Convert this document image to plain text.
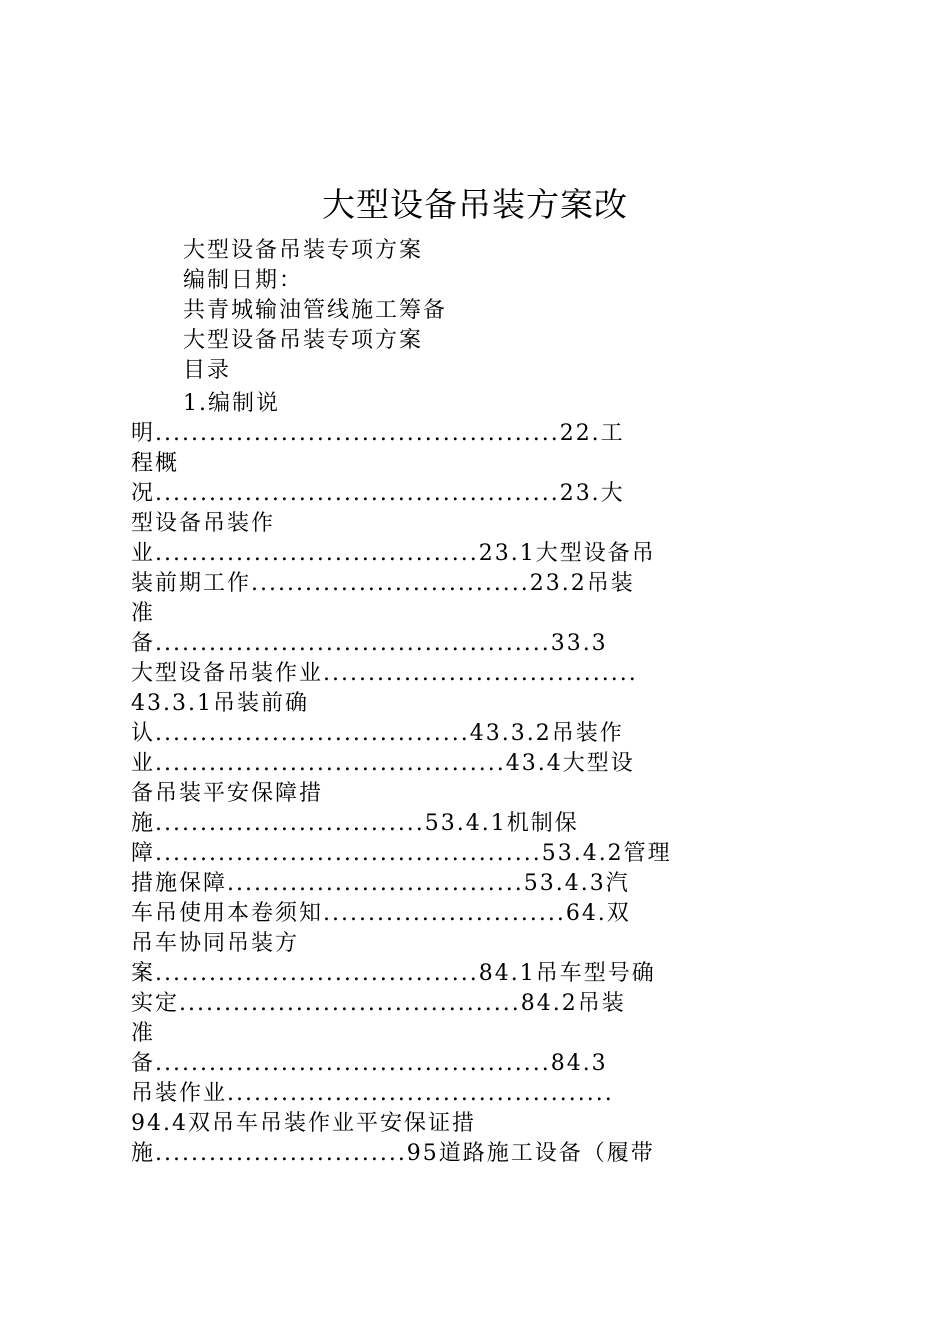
大型设备吊装方案改
大型设备吊装专项方案
编制日期：
共青城输油管线施工筹备
大型设备吊装专项方案
目录
1.编制说
明.............................................22.工
程概
况.............................................23.大
型设备吊装作
业....................................23.1大型设备吊
装前期工作...............................23.2吊装
准
备............................................33.3
大型设备吊装作业...................................
43.3.1吊装前确
认...................................43.3.2吊装作
业.......................................43.4大型设
备吊装平安保障措
施..............................53.4.1机制保
障...........................................53.4.2管理
措施保障.................................53.4.3汽
车吊使用本卷须知...........................64.双
吊车协同吊装方
案....................................84.1吊车型号确
实定......................................84.2吊装
准
备............................................84.3
吊装作业...........................................
94.4双吊车吊装作业平安保证措
施............................95道路施工设备（履带
